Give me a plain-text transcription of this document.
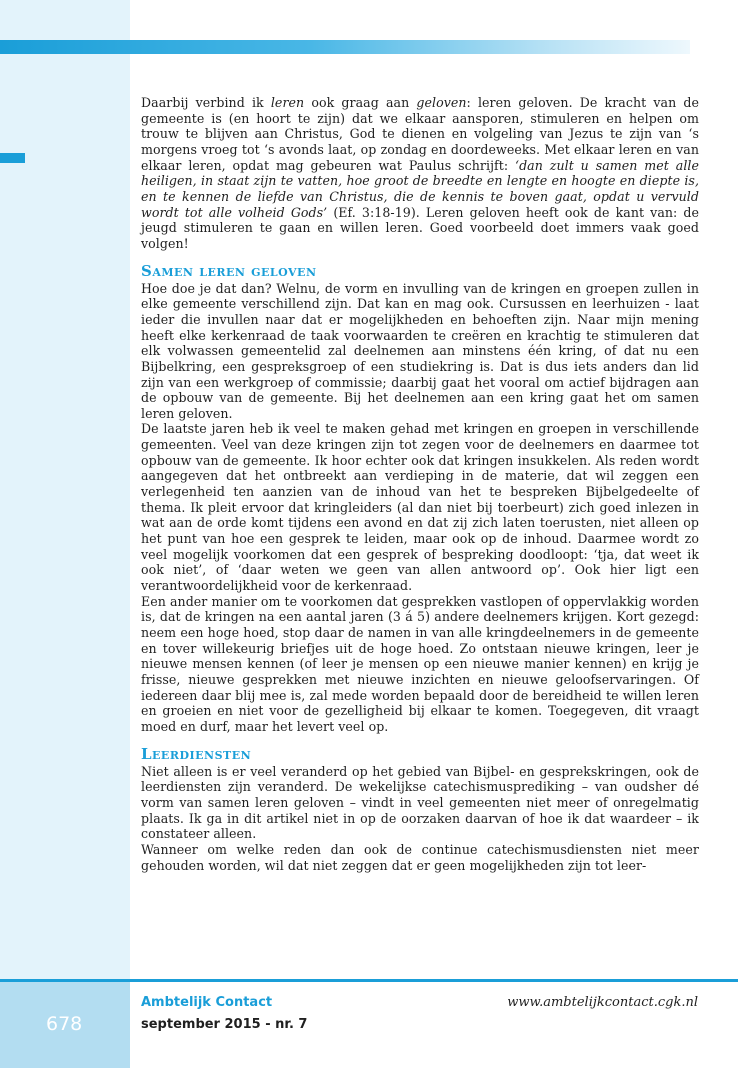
Daarbij verbind ik leren ook graag aan geloven: leren geloven. De kracht van de gemeente is (en hoort te zijn) dat we elkaar aansporen, stimuleren en helpen om trouw te blijven aan Christus, God te dienen en volgeling van Jezus te zijn van ‘s morgens vroeg tot ‘s avonds laat, op zondag en doordeweeks. Met elkaar leren en van elkaar leren, opdat mag gebeuren wat Paulus schrijft: ‘dan zult u samen met alle heiligen, in staat zijn te vatten, hoe groot de breedte en lengte en hoogte en diepte is, en te kennen de liefde van Christus, die de kennis te boven gaat, opdat u vervuld wordt tot alle volheid Gods’ (Ef. 3:18-19). Leren geloven heeft ook de kant van: de jeugd stimuleren te gaan en willen leren. Goed voorbeeld doet immers vaak goed volgen!

Samen leren geloven

Hoe doe je dat dan? Welnu, de vorm en invulling van de kringen en groepen zullen in elke gemeente verschillend zijn. Dat kan en mag ook. Cursussen en leerhuizen - laat ieder die invullen naar dat er mogelijkheden en behoeften zijn. Naar mijn mening heeft elke kerkenraad de taak voorwaarden te creëren en krachtig te stimuleren dat elk volwassen gemeentelid zal deelnemen aan minstens één kring, of dat nu een Bijbelkring, een gespreksgroep of een studiekring is. Dat is dus iets anders dan lid zijn van een werkgroep of commissie; daarbij gaat het vooral om actief bijdragen aan de opbouw van de gemeente. Bij het deelnemen aan een kring gaat het om samen leren geloven.

De laatste jaren heb ik veel te maken gehad met kringen en groepen in verschillende gemeenten. Veel van deze kringen zijn tot zegen voor de deelnemers en daarmee tot opbouw van de gemeente. Ik hoor echter ook dat kringen insukkelen. Als reden wordt aangegeven dat het ontbreekt aan verdieping in de materie, dat wil zeggen een verlegenheid ten aanzien van de inhoud van het te bespreken Bijbelgedeelte of thema. Ik pleit ervoor dat kringleiders (al dan niet bij toerbeurt) zich goed inlezen in wat aan de orde komt tijdens een avond en dat zij zich laten toerusten, niet alleen op het punt van hoe een gesprek te leiden, maar ook op de inhoud. Daarmee wordt zo veel mogelijk voorkomen dat een gesprek of bespreking doodloopt: ‘tja, dat weet ik ook niet’, of ‘daar weten we geen van allen antwoord op’. Ook hier ligt een verantwoordelijkheid voor de kerkenraad.

Een ander manier om te voorkomen dat gesprekken vastlopen of oppervlakkig worden is, dat de kringen na een aantal jaren (3 á 5) andere deelnemers krijgen. Kort gezegd: neem een hoge hoed, stop daar de namen in van alle kringdeelnemers in de gemeente en tover willekeurig briefjes uit de hoge hoed. Zo ontstaan nieuwe kringen, leer je nieuwe mensen kennen (of leer je mensen op een nieuwe manier kennen) en krijg je frisse, nieuwe gesprekken met nieuwe inzichten en nieuwe geloofservaringen. Of iedereen daar blij mee is, zal mede worden bepaald door de bereidheid te willen leren en groeien en niet voor de gezelligheid bij elkaar te komen. Toegegeven, dit vraagt moed en durf, maar het levert veel op.

Leerdiensten

Niet alleen is er veel veranderd op het gebied van Bijbel- en gesprekskringen, ook de leerdiensten zijn veranderd. De wekelijkse catechismusprediking – van oudsher dé vorm van samen leren geloven – vindt in veel gemeenten niet meer of onregelmatig plaats. Ik ga in dit artikel niet in op de oorzaken daarvan of hoe ik dat waardeer – ik constateer alleen.

Wanneer om welke reden dan ook de continue catechismusdiensten niet meer gehouden worden, wil dat niet zeggen dat er geen mogelijkheden zijn tot leer-

678
Ambtelijk Contact
september 2015 - nr. 7
www.ambtelijkcontact.cgk.nl
